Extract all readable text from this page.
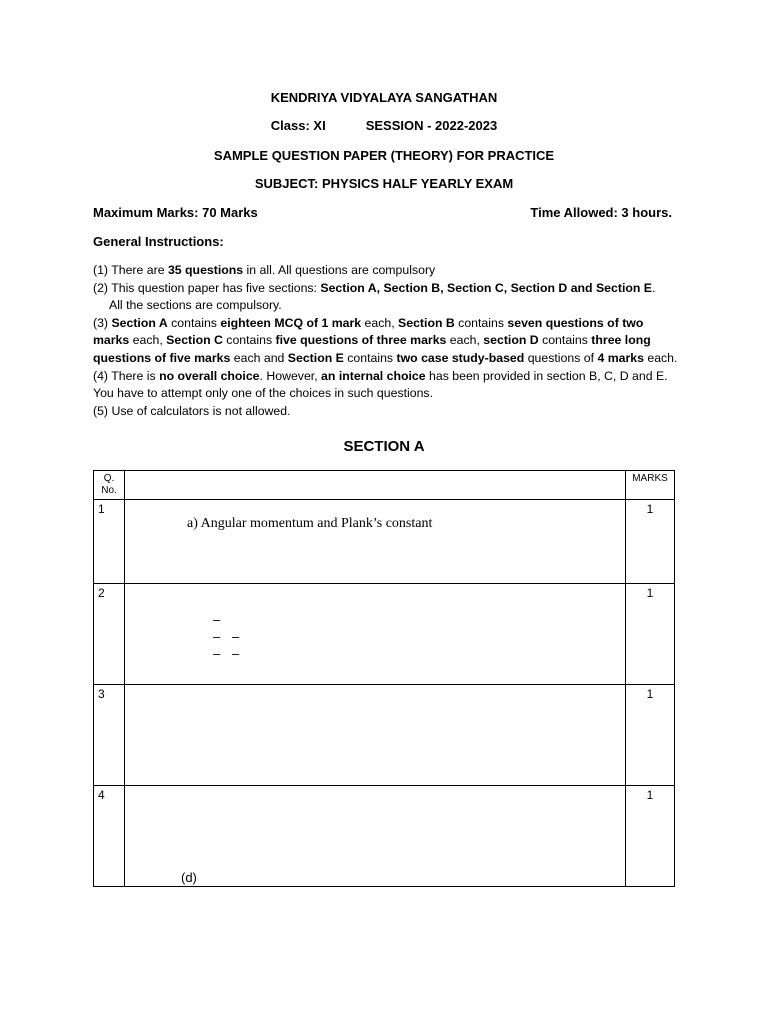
KENDRIYA VIDYALAYA SANGATHAN
Class: XI	SESSION - 2022-2023
SAMPLE QUESTION PAPER (THEORY) FOR PRACTICE
SUBJECT: PHYSICS HALF YEARLY EXAM
Maximum Marks: 70 Marks	Time Allowed: 3 hours.
General Instructions:

(1) There are 35 questions in all. All questions are compulsory

(2) This question paper has five sections: Section A, Section B, Section C, Section D and Section E.

All the sections are compulsory.

(3) Section A contains eighteen MCQ of 1 mark each, Section B contains seven questions of two marks each, Section C contains five questions of three marks each, section D contains three long questions of five marks each and Section E contains two case study-based questions of 4 marks each.

(4) There is no overall choice. However, an internal choice has been provided in section B, C, D and E. You have to attempt only one of the choices in such questions.

(5) Use of calculators is not allowed.

SECTION A
Q. No.		MARKS
1	a) Angular momentum and Plank’s constant	1
2	–
– –
– –	1
3		1
4	(d)	1
